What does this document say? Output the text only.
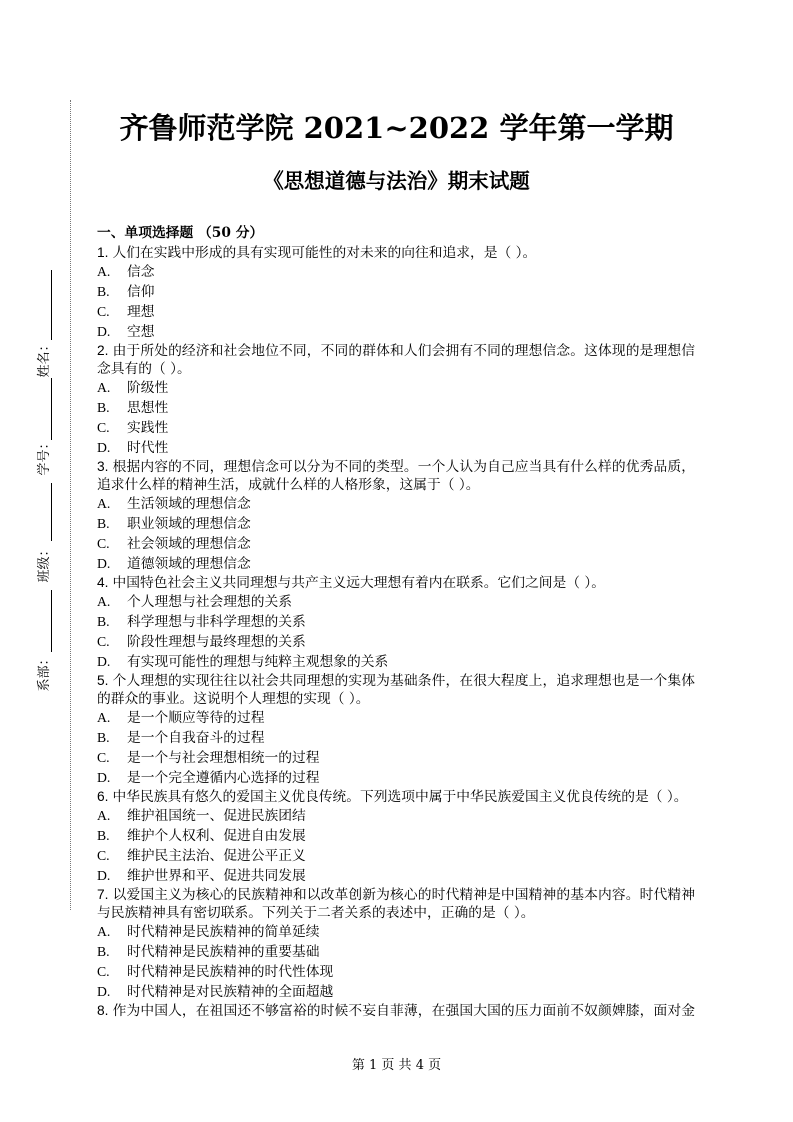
姓名：
学号：
班级：
系部：
齐鲁师范学院 2021~2022 学年第一学期
《思想道德与法治》期末试题
一、单项选择题 （50 分）

1. 人们在实践中形成的具有实现可能性的对未来的向往和追求，是（ ）。

A.	信念
B.	信仰
C.	理想
D.	空想

2. 由于所处的经济和社会地位不同，不同的群体和人们会拥有不同的理想信念。这体现的是理想信念具有的（ ）。

A.	阶级性
B.	思想性
C.	实践性
D.	时代性

3. 根据内容的不同，理想信念可以分为不同的类型。一个人认为自己应当具有什么样的优秀品质，追求什么样的精神生活，成就什么样的人格形象，这属于（ ）。

A.	生活领域的理想信念
B.	职业领域的理想信念
C.	社会领域的理想信念
D.	道德领域的理想信念

4. 中国特色社会主义共同理想与共产主义远大理想有着内在联系。它们之间是（ ）。

A.	个人理想与社会理想的关系
B.	科学理想与非科学理想的关系
C.	阶段性理想与最终理想的关系
D.	有实现可能性的理想与纯粹主观想象的关系

5. 个人理想的实现往往以社会共同理想的实现为基础条件，在很大程度上，追求理想也是一个集体的群众的事业。这说明个人理想的实现（ ）。

A.	是一个顺应等待的过程
B.	是一个自我奋斗的过程
C.	是一个与社会理想相统一的过程
D.	是一个完全遵循内心选择的过程

6. 中华民族具有悠久的爱国主义优良传统。下列选项中属于中华民族爱国主义优良传统的是（ ）。

A.	维护祖国统一、促进民族团结
B.	维护个人权利、促进自由发展
C.	维护民主法治、促进公平正义
D.	维护世界和平、促进共同发展

7. 以爱国主义为核心的民族精神和以改革创新为核心的时代精神是中国精神的基本内容。时代精神与民族精神具有密切联系。下列关于二者关系的表述中，正确的是（ ）。

A.	时代精神是民族精神的简单延续
B.	时代精神是民族精神的重要基础
C.	时代精神是民族精神的时代性体现
D.	时代精神是对民族精神的全面超越

8. 作为中国人，在祖国还不够富裕的时候不妄自菲薄，在强国大国的压力面前不奴颜婢膝，面对金

第 1 页 共 4 页
